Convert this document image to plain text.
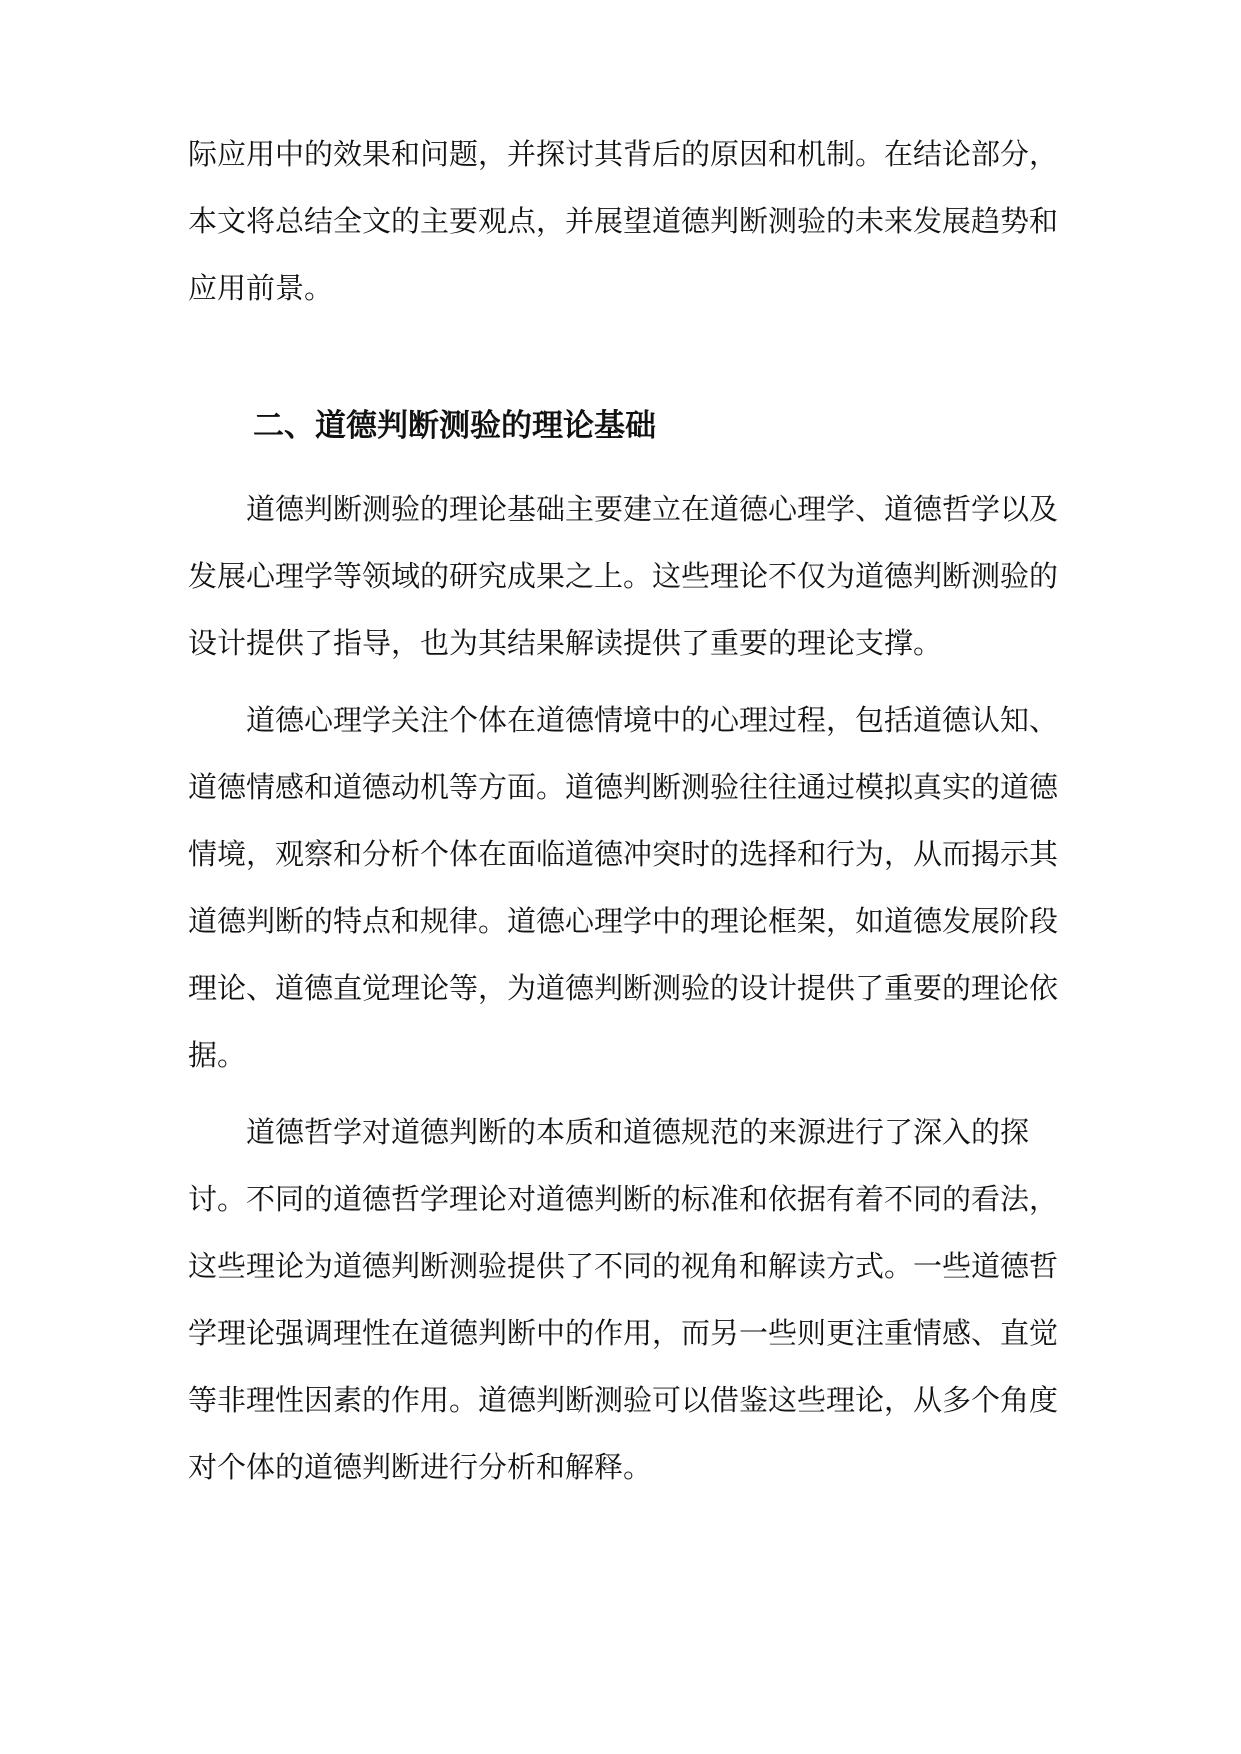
际应用中的效果和问题，并探讨其背后的原因和机制。在结论部分，
本文将总结全文的主要观点，并展望道德判断测验的未来发展趋势和
应用前景。
二、道德判断测验的理论基础
道德判断测验的理论基础主要建立在道德心理学、道德哲学以及
发展心理学等领域的研究成果之上。这些理论不仅为道德判断测验的
设计提供了指导，也为其结果解读提供了重要的理论支撑。
道德心理学关注个体在道德情境中的心理过程，包括道德认知、
道德情感和道德动机等方面。道德判断测验往往通过模拟真实的道德
情境，观察和分析个体在面临道德冲突时的选择和行为，从而揭示其
道德判断的特点和规律。道德心理学中的理论框架，如道德发展阶段
理论、道德直觉理论等，为道德判断测验的设计提供了重要的理论依
据。
道德哲学对道德判断的本质和道德规范的来源进行了深入的探
讨。不同的道德哲学理论对道德判断的标准和依据有着不同的看法，
这些理论为道德判断测验提供了不同的视角和解读方式。一些道德哲
学理论强调理性在道德判断中的作用，而另一些则更注重情感、直觉
等非理性因素的作用。道德判断测验可以借鉴这些理论，从多个角度
对个体的道德判断进行分析和解释。
